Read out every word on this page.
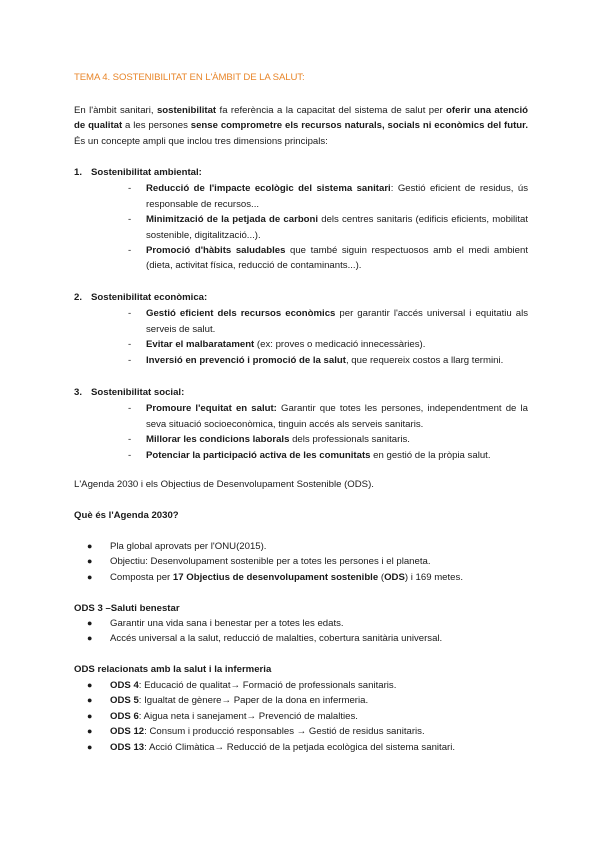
TEMA 4. SOSTENIBILITAT EN L'ÀMBIT DE LA SALUT:
En l'àmbit sanitari, sostenibilitat fa referència a la capacitat del sistema de salut per oferir una atenció de qualitat a les persones sense comprometre els recursos naturals, socials ni econòmics del futur. És un concepte ampli que inclou tres dimensions principals:
1. Sostenibilitat ambiental:
- Reducció de l'impacte ecològic del sistema sanitari: Gestió eficient de residus, ús responsable de recursos...
- Minimització de la petjada de carboni dels centres sanitaris (edificis eficients, mobilitat sostenible, digitalització...).
- Promoció d'hàbits saludables que també siguin respectuosos amb el medi ambient (dieta, activitat física, reducció de contaminants...).
2. Sostenibilitat econòmica:
- Gestió eficient dels recursos econòmics per garantir l'accés universal i equitatiu als serveis de salut.
- Evitar el malbaratament (ex: proves o medicació innecessàries).
- Inversió en prevenció i promoció de la salut, que requereix costos a llarg termini.
3. Sostenibilitat social:
- Promoure l'equitat en salut: Garantir que totes les persones, independentment de la seva situació socioeconòmica, tinguin accés als serveis sanitaris.
- Millorar les condicions laborals dels professionals sanitaris.
- Potenciar la participació activa de les comunitats en gestió de la pròpia salut.
L'Agenda 2030 i els Objectius de Desenvolupament Sostenible (ODS).
Què és l'Agenda 2030?
● Pla global aprovats per l'ONU(2015).
● Objectiu: Desenvolupament sostenible per a totes les persones i el planeta.
● Composta per 17 Objectius de desenvolupament sostenible (ODS) i 169 metes.
ODS 3 –Saluti benestar
● Garantir una vida sana i benestar per a totes les edats.
● Accés universal a la salut, reducció de malalties, cobertura sanitària universal.
ODS relacionats amb la salut i la infermeria
● ODS 4: Educació de qualitat→ Formació de professionals sanitaris.
● ODS 5: Igualtat de gènere→ Paper de la dona en infermeria.
● ODS 6: Aigua neta i sanejament→ Prevenció de malalties.
● ODS 12: Consum i producció responsables → Gestió de residus sanitaris.
● ODS 13: Acció Climàtica→ Reducció de la petjada ecològica del sistema sanitari.
